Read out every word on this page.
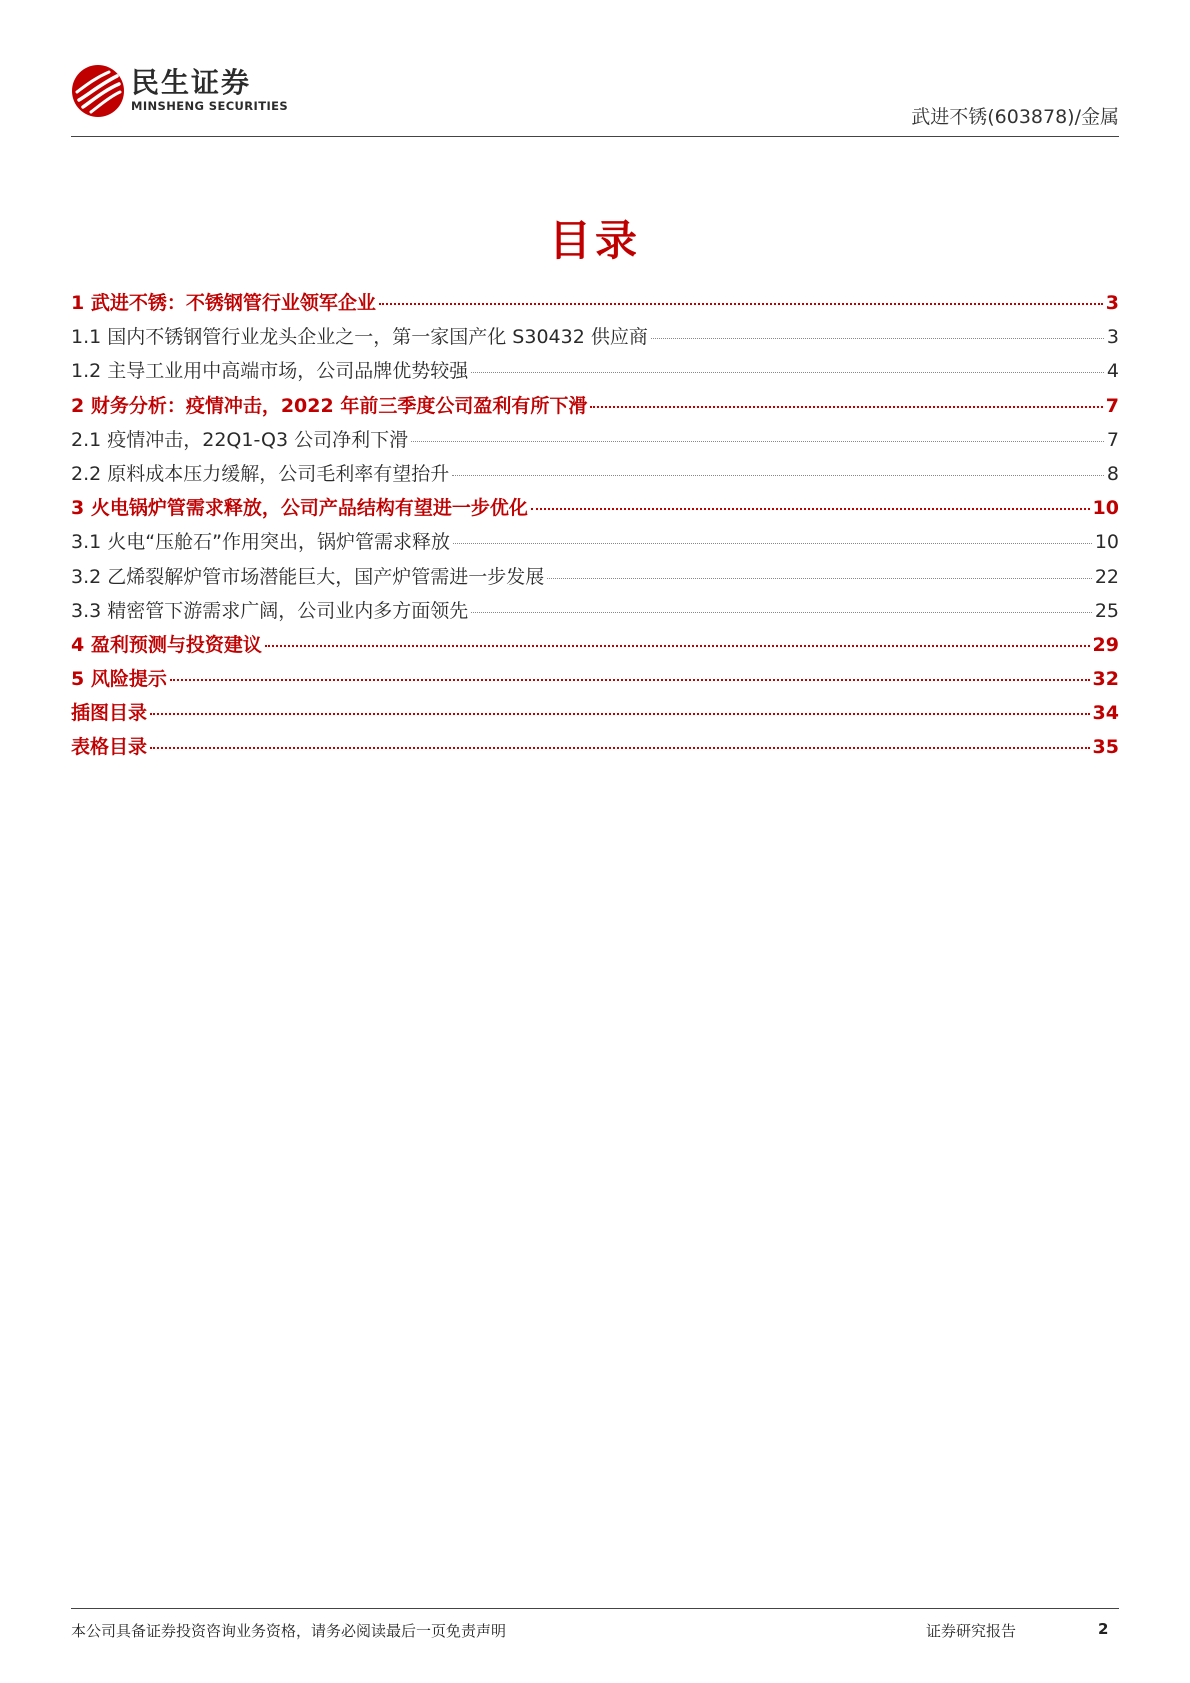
民生证券
MINSHENG SECURITIES	武进不锈(603878)/金属
目录
1 武进不锈：不锈钢管行业领军企业	3
1.1 国内不锈钢管行业龙头企业之一，第一家国产化 S30432 供应商	3
1.2 主导工业用中高端市场，公司品牌优势较强	4
2 财务分析：疫情冲击，2022 年前三季度公司盈利有所下滑	7
2.1 疫情冲击，22Q1-Q3 公司净利下滑	7
2.2 原料成本压力缓解，公司毛利率有望抬升	8
3 火电锅炉管需求释放，公司产品结构有望进一步优化	10
3.1 火电“压舱石”作用突出，锅炉管需求释放	10
3.2 乙烯裂解炉管市场潜能巨大，国产炉管需进一步发展	22
3.3 精密管下游需求广阔，公司业内多方面领先	25
4 盈利预测与投资建议	29
5 风险提示	32
插图目录	34
表格目录	35
本公司具备证券投资咨询业务资格，请务必阅读最后一页免责声明	证券研究报告	2
